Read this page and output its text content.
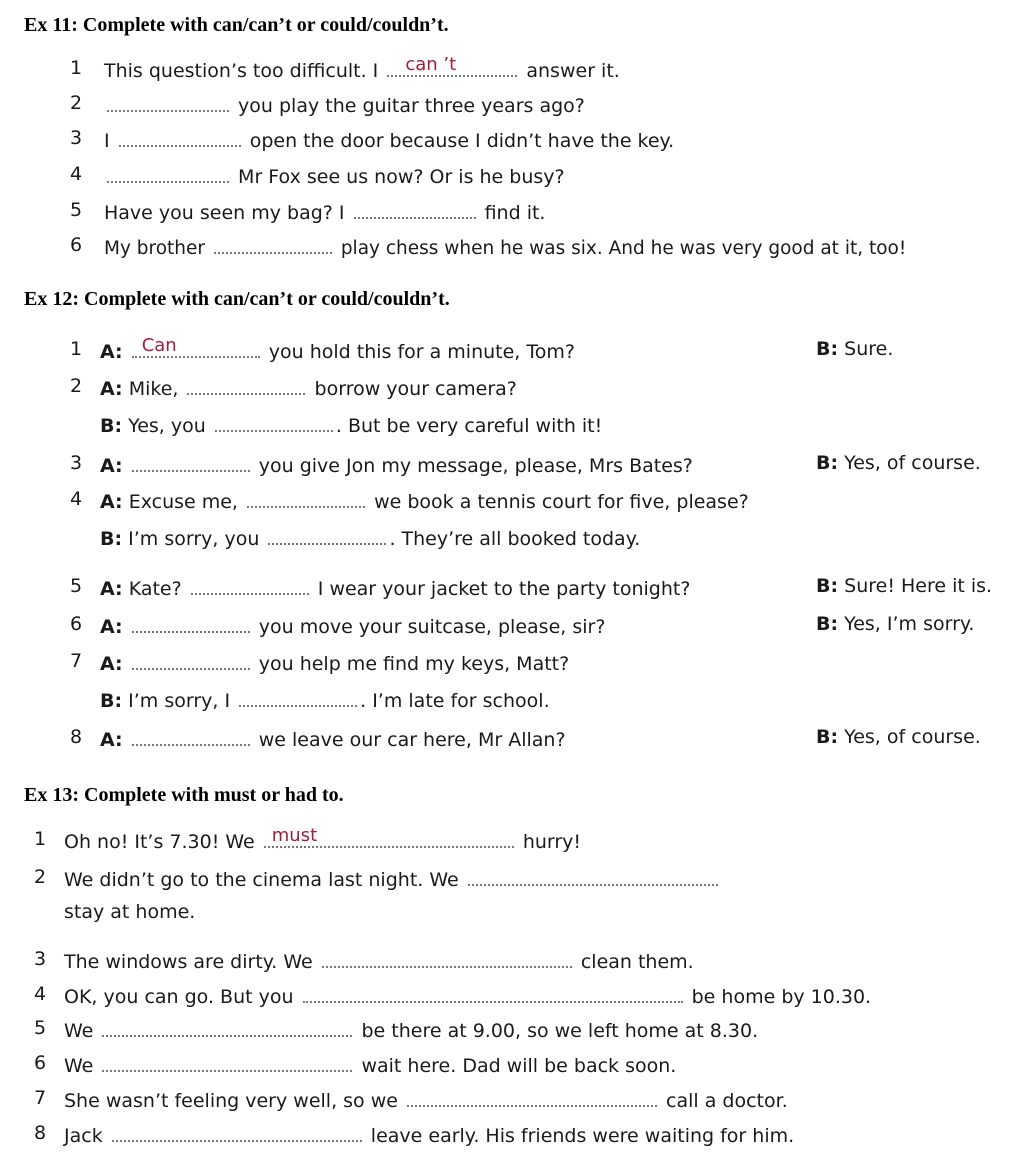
Ex 11: Complete with can/can’t or could/couldn’t.
1 This question’s too difficult. I can ’t	answer it.
2	you play the guitar three years ago?
3 I	open the door because I didn’t have the key.
4	Mr Fox see us now? Or is he busy?
5 Have you seen my bag? I	find it.
6 My brother	play chess when he was six. And he was very good at it, too!
Ex 12: Complete with can/can’t or could/couldn’t.
1 A: Can	you hold this for a minute, Tom?	B: Sure.
2 A: Mike,	borrow your camera?
B: Yes, you	. But be very careful with it!
3 A:	you give Jon my message, please, Mrs Bates?	B: Yes, of course.
4 A: Excuse me,	we book a tennis court for five, please?
B: I’m sorry, you	. They’re all booked today.
5 A: Kate?	I wear your jacket to the party tonight?	B: Sure! Here it is.
6 A:	you move your suitcase, please, sir?	B: Yes, I’m sorry.
7 A:	you help me find my keys, Matt?
B: I’m sorry, I	. I’m late for school.
8 A:	we leave our car here, Mr Allan?	B: Yes, of course.
Ex 13: Complete with must or had to.
1 Oh no! It’s 7.30! We must	hurry!
2 We didn’t go to the cinema last night. We
stay at home.
3 The windows are dirty. We	clean them.
4 OK, you can go. But you	be home by 10.30.
5 We	be there at 9.00, so we left home at 8.30.
6 We	wait here. Dad will be back soon.
7 She wasn’t feeling very well, so we	call a doctor.
8 Jack	leave early. His friends were waiting for him.
